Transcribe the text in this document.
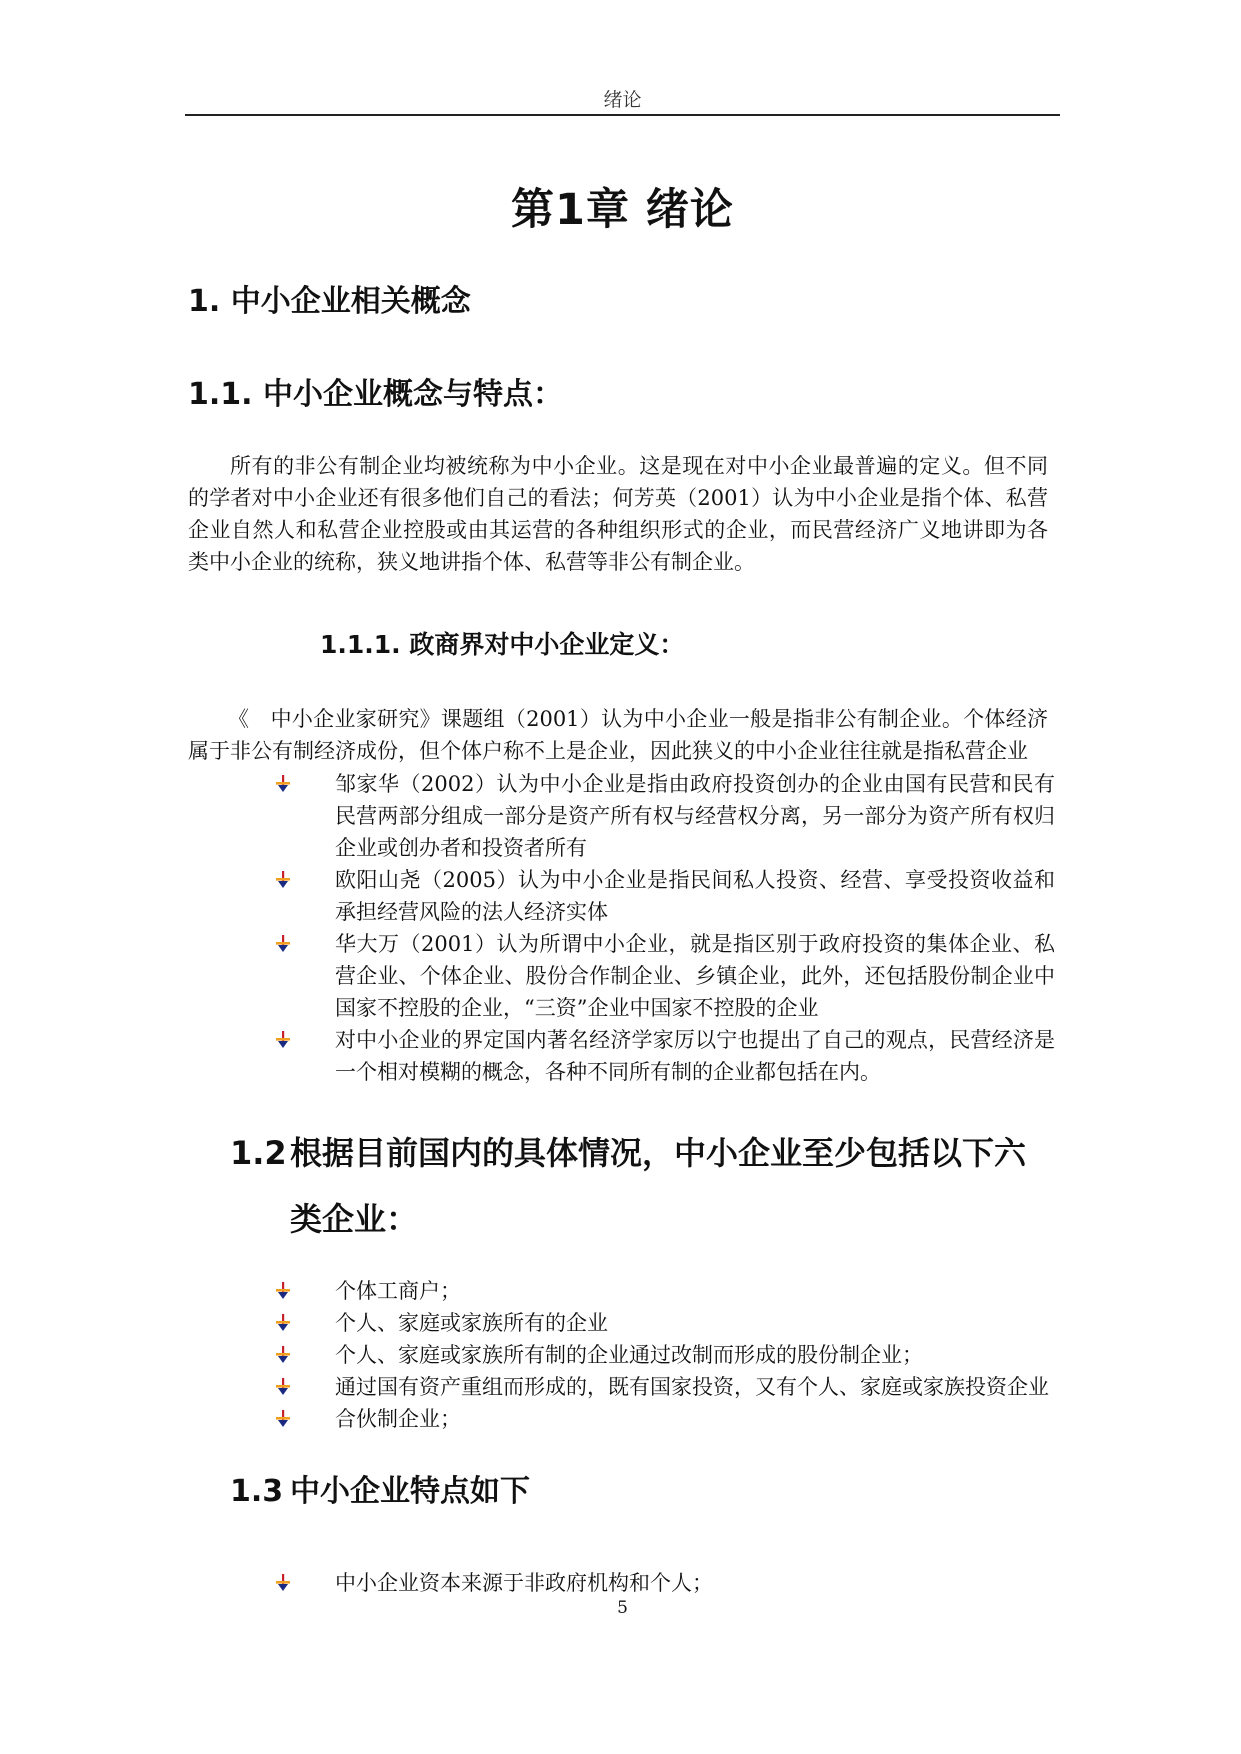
绪论
第1章 绪论
1. 中小企业相关概念
1.1. 中小企业概念与特点：
所有的非公有制企业均被统称为中小企业。这是现在对中小企业最普遍的定义。但不同的学者对中小企业还有很多他们自己的看法；何芳英（2001）认为中小企业是指个体、私营企业自然人和私营企业控股或由其运营的各种组织形式的企业，而民营经济广义地讲即为各类中小企业的统称，狭义地讲指个体、私营等非公有制企业。
1.1.1. 政商界对中小企业定义：
《　中小企业家研究》课题组（2001）认为中小企业一般是指非公有制企业。个体经济属于非公有制经济成份，但个体户称不上是企业，因此狭义的中小企业往往就是指私营企业
邹家华（2002）认为中小企业是指由政府投资创办的企业由国有民营和民有民营两部分组成一部分是资产所有权与经营权分离，另一部分为资产所有权归企业或创办者和投资者所有
欧阳山尧（2005）认为中小企业是指民间私人投资、经营、享受投资收益和承担经营风险的法人经济实体
华大万（2001）认为所谓中小企业，就是指区别于政府投资的集体企业、私营企业、个体企业、股份合作制企业、乡镇企业，此外，还包括股份制企业中国家不控股的企业，“三资”企业中国家不控股的企业
对中小企业的界定国内著名经济学家厉以宁也提出了自己的观点，民营经济是一个相对模糊的概念，各种不同所有制的企业都包括在内。
1.2 根据目前国内的具体情况，中小企业至少包括以下六
类企业：
个体工商户；
个人、家庭或家族所有的企业
个人、家庭或家族所有制的企业通过改制而形成的股份制企业；
通过国有资产重组而形成的，既有国家投资，又有个人、家庭或家族投资企业
合伙制企业；
1.3 中小企业特点如下
中小企业资本来源于非政府机构和个人；
5
